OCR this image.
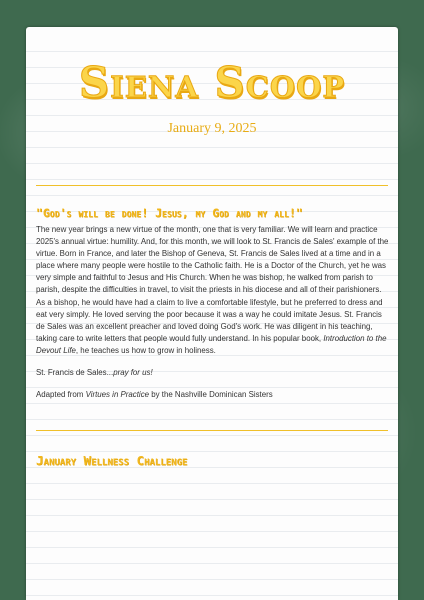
Siena Scoop
January 9, 2025
"God's will be done! Jesus, my God and my all!"

The new year brings a new virtue of the month, one that is very familiar. We will learn and practice 2025's annual virtue: humility. And, for this month, we will look to St. Francis de Sales' example of the virtue. Born in France, and later the Bishop of Geneva, St. Francis de Sales lived at a time and in a place where many people were hostile to the Catholic faith. He is a Doctor of the Church, yet he was very simple and faithful to Jesus and His Church. When he was bishop, he walked from parish to parish, despite the difficulties in travel, to visit the priests in his diocese and all of their parishioners. As a bishop, he would have had a claim to live a comfortable lifestyle, but he preferred to dress and eat very simply. He loved serving the poor because it was a way he could imitate Jesus. St. Francis de Sales was an excellent preacher and loved doing God's work. He was diligent in his teaching, taking care to write letters that people would fully understand. In his popular book, Introduction to the Devout Life, he teaches us how to grow in holiness.

St. Francis de Sales...pray for us!

Adapted from Virtues in Practice by the Nashville Dominican Sisters

January Wellness Challenge
